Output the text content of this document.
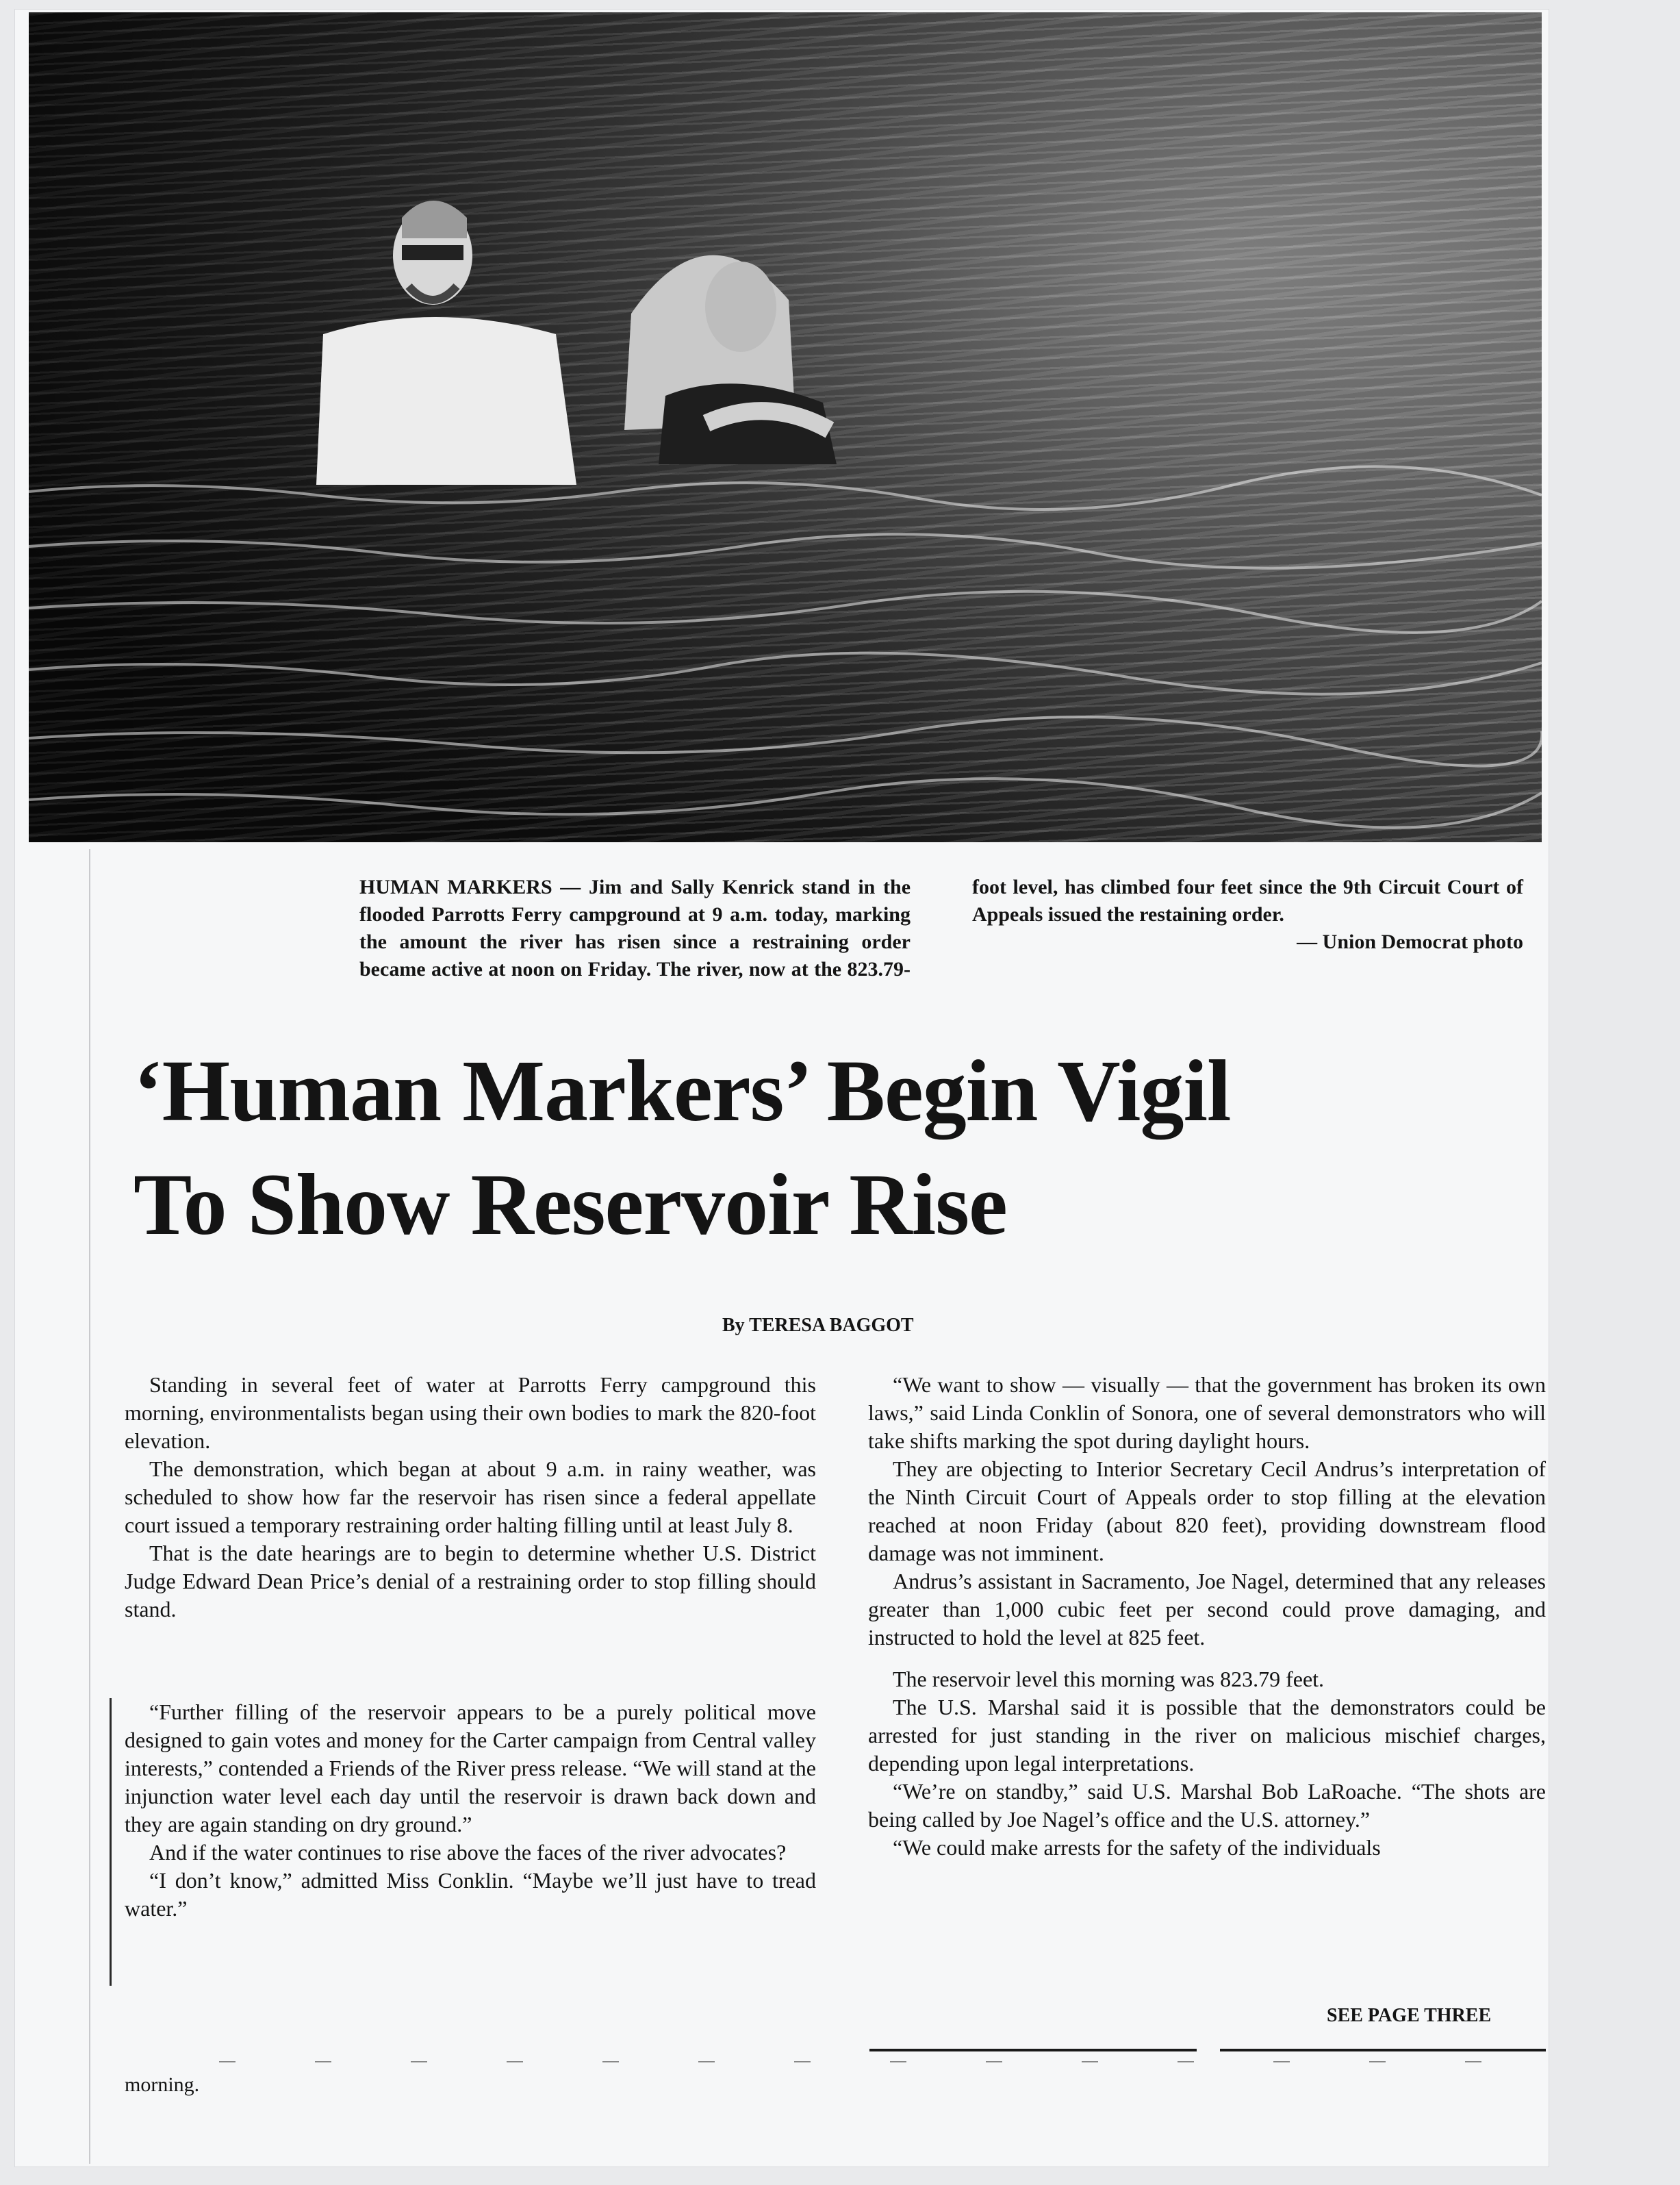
HUMAN MARKERS — Jim and Sally Kenrick stand in the flooded Parrotts Ferry campground at 9 a.m. today, marking the amount the river has risen since a restraining order became active at noon on Friday. The river, now at the 823.79-foot level, has climbed four feet since the 9th Circuit Court of Appeals issued the restaining order.
— Union Democrat photo
‘Human Markers’ Begin Vigil
To Show Reservoir Rise
By TERESA BAGGOT

Standing in several feet of water at Parrotts Ferry campground this morning, environmentalists began using their own bodies to mark the 820-foot elevation.

The demonstration, which began at about 9 a.m. in rainy weather, was scheduled to show how far the reservoir has risen since a federal appellate court issued a temporary restraining order halting filling until at least July 8.

That is the date hearings are to begin to determine whether U.S. District Judge Edward Dean Price’s denial of a restraining order to stop filling should stand.

“Further filling of the reservoir appears to be a purely political move designed to gain votes and money for the Carter campaign from Central valley interests,” contended a Friends of the River press release. “We will stand at the injunction water level each day until the reservoir is drawn back down and they are again standing on dry ground.”

And if the water continues to rise above the faces of the river advocates?

“I don’t know,” admitted Miss Conklin. “Maybe we’ll just have to tread water.”

“We want to show — visually — that the government has broken its own laws,” said Linda Conklin of Sonora, one of several demonstrators who will take shifts marking the spot during daylight hours.

They are objecting to Interior Secretary Cecil Andrus’s interpretation of the Ninth Circuit Court of Appeals order to stop filling at the elevation reached at noon Friday (about 820 feet), providing downstream flood damage was not imminent.

Andrus’s assistant in Sacramento, Joe Nagel, determined that any releases greater than 1,000 cubic feet per second could prove damaging, and instructed to hold the level at 825 feet.

The reservoir level this morning was 823.79 feet.

The U.S. Marshal said it is possible that the demonstrators could be arrested for just standing in the river on malicious mischief charges, depending upon legal interpretations.

“We’re on standby,” said U.S. Marshal Bob LaRoache. “The shots are being called by Joe Nagel’s office and the U.S. attorney.”

“We could make arrests for the safety of the individuals

SEE PAGE THREE
morning.
